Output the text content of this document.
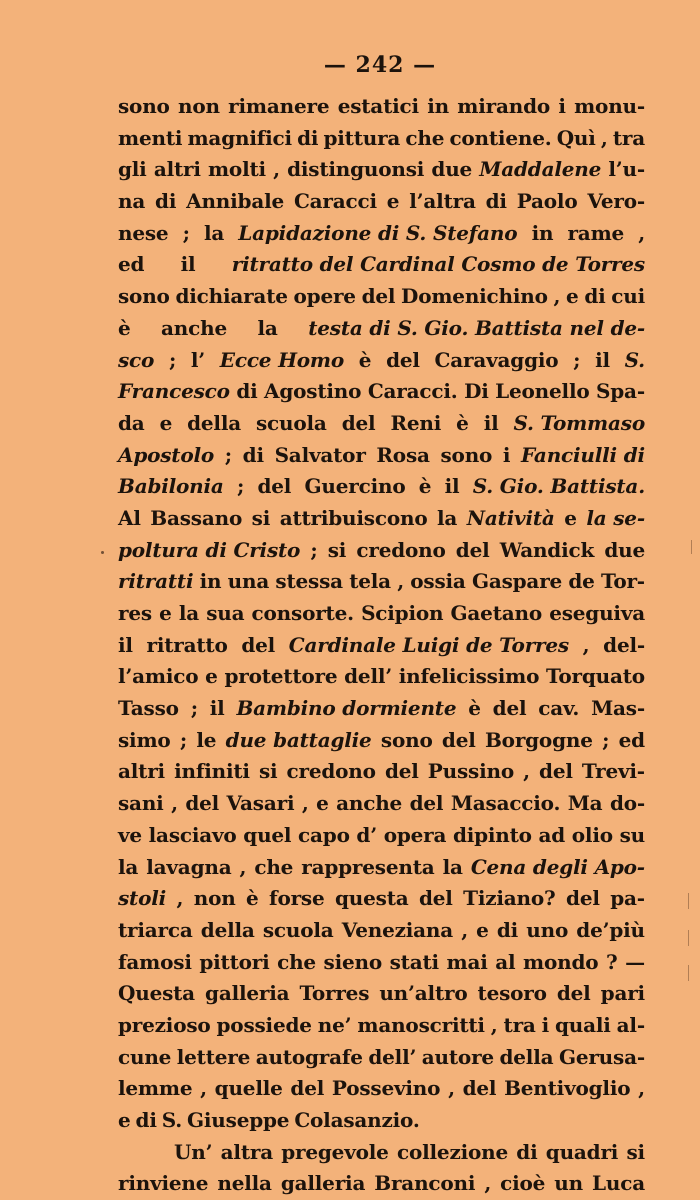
— 242 —
sono non rimanere estatici in mirando i monu-
menti magnifici di pittura che contiene. Quì , tra
gli altri molti , distinguonsi due Maddalene l’u-
na di Annibale Caracci e l’altra di Paolo Vero-
nese ; la Lapidazione di S. Stefano in rame ,
ed il ritratto del Cardinal Cosmo de Torres
sono dichiarate opere del Domenichino , e di cui
è anche la testa di S. Gio. Battista nel de-
sco ; l’ Ecce Homo è del Caravaggio ; il S.
Francesco di Agostino Caracci. Di Leonello Spa-
da e della scuola del Reni è il S. Tommaso
Apostolo ; di Salvator Rosa sono i Fanciulli di
Babilonia ; del Guercino è il S. Gio. Battista.
Al Bassano si attribuiscono la Natività e la se-
poltura di Cristo ; si credono del Wandick due
ritratti in una stessa tela , ossia Gaspare de Tor-
res e la sua consorte. Scipion Gaetano eseguiva
il ritratto del Cardinale Luigi de Torres , del-
l’amico e protettore dell’ infelicissimo Torquato
Tasso ; il Bambino dormiente è del cav. Mas-
simo ; le due battaglie sono del Borgogne ; ed
altri infiniti si credono del Pussino , del Trevi-
sani , del Vasari , e anche del Masaccio. Ma do-
ve lasciavo quel capo d’ opera dipinto ad olio su
la lavagna , che rappresenta la Cena degli Apo-
stoli , non è forse questa del Tiziano? del pa-
triarca della scuola Veneziana , e di uno de’più
famosi pittori che sieno stati mai al mondo ? —
Questa galleria Torres un’altro tesoro del pari
prezioso possiede ne’ manoscritti , tra i quali al-
cune lettere autografe dell’ autore della Gerusa-
lemme , quelle del Possevino , del Bentivoglio ,
e di S. Giuseppe Colasanzio.
Un’ altra pregevole collezione di quadri si
rinviene nella galleria Branconi , cioè un Luca
